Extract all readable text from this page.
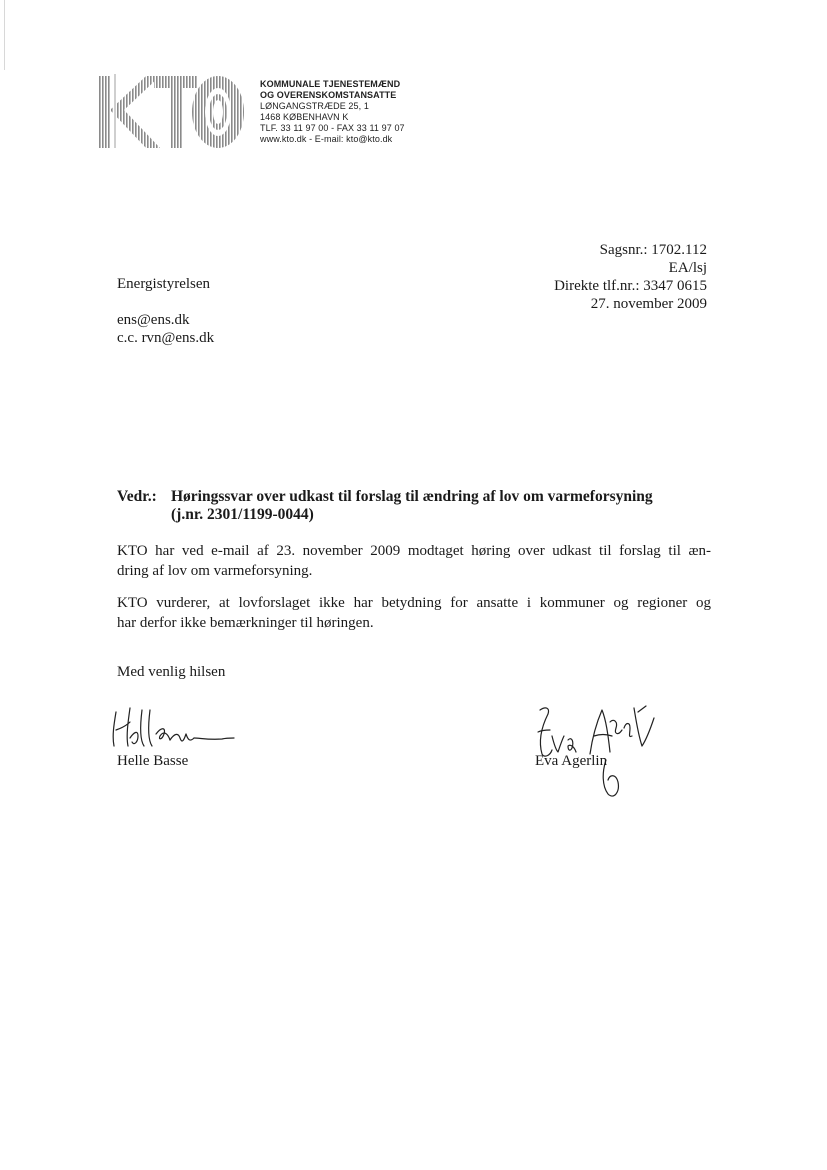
KOMMUNALE TJENESTEMÆND
OG OVERENSKOMSTANSATTE
LØNGANGSTRÆDE 25, 1
1468 KØBENHAVN K
TLF. 33 11 97 00 - FAX 33 11 97 07
www.kto.dk - E-mail: kto@kto.dk
Sagsnr.: 1702.112
EA/lsj
Direkte tlf.nr.: 3347 0615
27. november 2009
Energistyrelsen
ens@ens.dk
c.c. rvn@ens.dk
Vedr.: Høringssvar over udkast til forslag til ændring af lov om varmeforsyning
(j.nr. 2301/1199-0044)
KTO har ved e-mail af 23. november 2009 modtaget høring over udkast til forslag til æn-
dring af lov om varmeforsyning.
KTO vurderer, at lovforslaget ikke har betydning for ansatte i kommuner og regioner og
har derfor ikke bemærkninger til høringen.
Med venlig hilsen
Helle Basse	Eva Agerlin
